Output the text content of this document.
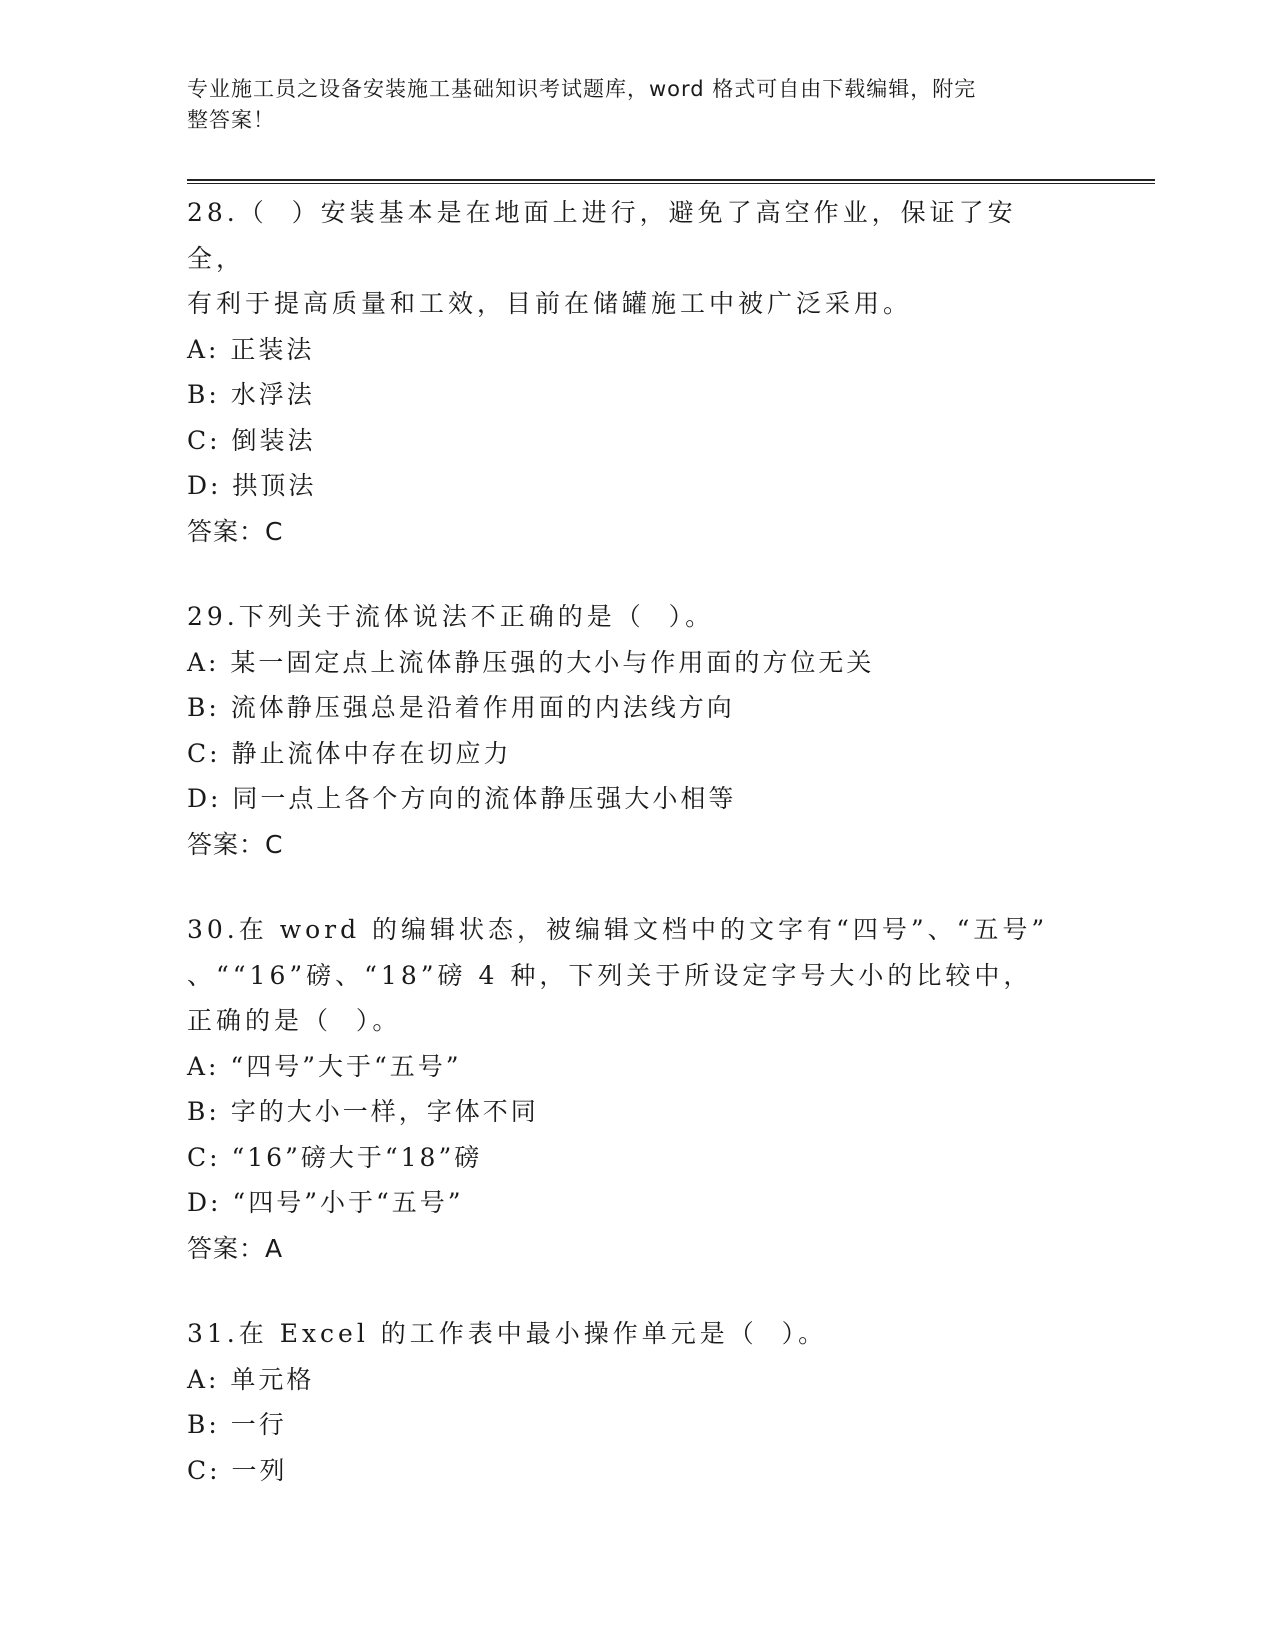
专业施工员之设备安装施工基础知识考试题库，word 格式可自由下载编辑，附完
整答案！
28.（  ）安装基本是在地面上进行，避免了高空作业，保证了安全，
有利于提高质量和工效，目前在储罐施工中被广泛采用。
A: 正装法
B: 水浮法
C: 倒装法
D: 拱顶法
答案：C
29.下列关于流体说法不正确的是（  ）。
A: 某一固定点上流体静压强的大小与作用面的方位无关
B: 流体静压强总是沿着作用面的内法线方向
C: 静止流体中存在切应力
D: 同一点上各个方向的流体静压强大小相等
答案：C
30.在 word 的编辑状态，被编辑文档中的文字有“四号”、“五号”
、““16”磅、“18”磅 4 种，下列关于所设定字号大小的比较中，
正确的是（  ）。
A: “四号”大于“五号”
B: 字的大小一样，字体不同
C: “16”磅大于“18”磅
D: “四号”小于“五号”
答案：A
31.在 Excel 的工作表中最小操作单元是（  ）。
A: 单元格
B: 一行
C: 一列
